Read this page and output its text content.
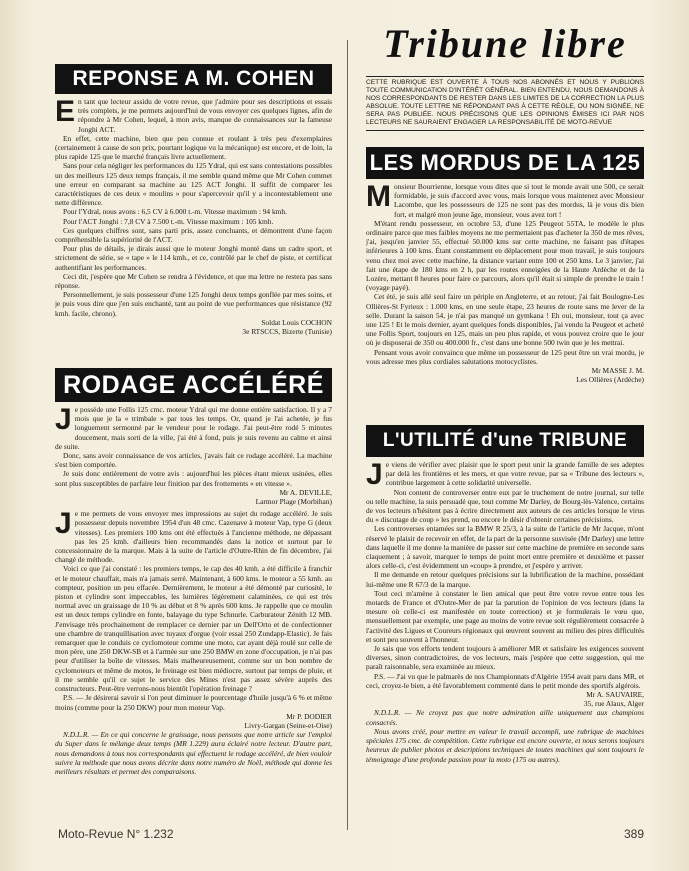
REPONSE A M. COHEN

En tant que lecteur assidu de votre revue, que j'admire pour ses descriptions et essais très complets, je me permets aujourd'hui de vous envoyer ces quelques lignes, afin de répondre à Mr Cohen, lequel, à mon avis, manque de connaissances sur la fameuse Jonghi ACT.

En effet, cette machine, bien que peu connue et roulant à très peu d'exemplaires (certainement à cause de son prix, pourtant logique vu la mécanique) est encore, et de loin, la plus rapide 125 que le marché français livre actuellement.

Sans pour cela négliger les performances du 125 Ydral, qui est sans contestations possibles un des meilleurs 125 deux temps français, il me semble quand même que Mr Cohen commet une erreur en comparant sa machine au 125 ACT Jonghi. Il suffit de comparer les caractéristiques de ces deux « moulins » pour s'apercevoir qu'il y a incontestablement une nette différence.

Pour l'Ydral, nous avons : 6,5 CV à 6.000 t.-m. Vitesse maximum : 94 kmh.

Pour l'ACT Jonghi : 7,8 CV à 7.500 t.-m. Vitesse maximum : 105 kmh.

Ces quelques chiffres sont, sans parti pris, assez concluants, et démontrent d'une façon compréhensible la supériorité de l'ACT.

Pour plus de détails, je dirais aussi que le moteur Jonghi monté dans un cadre sport, et strictement de série, se « tape » le 114 kmh., et ce, contrôlé par le chef de piste, et certificat authentifiant les performances.

Ceci dit, j'espère que Mr Cohen se rendra à l'évidence, et que ma lettre ne restera pas sans réponse.

Personnellement, je suis possesseur d'une 125 Jonghi deux temps gonflée par mes soins, et je puis vous dire que j'en suis enchanté, tant au point de vue performances que résistance (92 kmh. facile, chrono).

Soldat Louis COCHON
3e RTSCCS, Bizerte (Tunisie)
RODAGE ACCÉLÉRÉ

Je possède une Follis 125 cmc. moteur Ydral qui me donne entière satisfaction. Il y a 7 mois que je la « trimbale » par tous les temps. Or, quand je l'ai achetée, je fus longuement sermonné par le vendeur pour le rodage. J'ai peut-être rodé 5 minutes doucement, mais sorti de la ville, j'ai été à fond, puis je suis revenu au calme et ainsi de suite.

Donc, sans avoir connaissance de vos articles, j'avais fait ce rodage accéléré. La machine s'est bien comportée.

Je suis donc entièrement de votre avis : aujourd'hui les pièces étant mieux usinées, elles sont plus susceptibles de parfaire leur finition par des frottements « en vitesse ».

Mr A. DEVILLE,
Larmor Plage (Morbihan)

Je me permets de vous envoyer mes impressions au sujet du rodage accéléré. Je suis possesseur depuis novembre 1954 d'un 48 cmc. Cazenave à moteur Vap, type G (deux vitesses). Les premiers 100 kms ont été effectués à l'ancienne méthode, ne dépassant pas les 25 kmh. d'ailleurs bien recommandés dans la notice et surtout par le concessionnaire de la marque. Mais à la suite de l'article d'Outre-Rhin de fin décembre, j'ai changé de méthode.

Voici ce que j'ai constaté : les premiers temps, le cap des 40 kmh. a été difficile à franchir et le moteur chauffait, mais n'a jamais serré. Maintenant, à 600 kms. le moteur a 55 kmh. au compteur, position un peu effacée. Dernièrement, le moteur a été démonté par curiosité, le piston et cylindre sont impeccables, les lumières légèrement calaminées, ce qui est très normal avec un graissage de 10 % au début et 8 % après 600 kms. Je rappelle que ce moulin est un deux temps cylindre en fonte, balayage du type Schnurle. Carburateur Zénith 12 MB. J'envisage très prochainement de remplacer ce dernier par un Dell'Orto et de confectionner une chambre de tranquillisation avec tuyaux d'orgue (voir essai 250 Zundapp-Elastic). Je fais remarquer que le conduis ce cyclomoteur comme une moto, car ayant déjà roulé sur celle de mon père, une 250 DKW-SB et à l'armée sur une 250 BMW en zone d'occupation, je n'ai pas peur d'utiliser la boîte de vitesses. Mais malheureusement, comme sur un bon nombre de cyclomoteurs et même de motos, le freinage est bien médiocre, surtout par temps de pluie, et il me semble qu'il ce sujet le service des Mines n'est pas assez sévère auprès des constructeurs. Peut-être verrons-nous bientôt l'opération freinage ?

P.S. — Je désirerai savoir si l'on peut diminuer le pourcentage d'huile jusqu'à 6 % et même moins (comme pour la 250 DKW) pour mon moteur Vap.

Mr P. DODIER
Livry-Gargan (Seine-et-Oise)

N.D.L.R. — En ce qui concerne le graissage, nous pensons que notre article sur l'emploi du Super dans le mélange deux temps (MR 1.229) aura éclairé notre lecteur. D'autre part, nous demandons à tous nos correspondants qui effectuent le rodage accéléré, de bien vouloir suivre la méthode que nous avons décrite dans notre numéro de Noël, méthode qui donne les meilleurs résultats et permet des comparaisons.

Tribune libre
CETTE RUBRIQUE EST OUVERTE À TOUS NOS ABONNÉS ET NOUS Y PUBLIONS TOUTE COMMUNICATION D'INTÉRÊT GÉNÉRAL. BIEN ENTENDU, NOUS DEMANDONS À NOS CORRESPONDANTS DE RESTER DANS LES LIMITES DE LA CORRECTION LA PLUS ABSOLUE. TOUTE LETTRE NE RÉPONDANT PAS À CETTE RÈGLE, OU NON SIGNÉE, NE SERA PAS PUBLIÉE. NOUS PRÉCISONS QUE LES OPINIONS ÉMISES ICI PAR NOS LECTEURS NE SAURAIENT ENGAGER LA RESPONSABILITÉ DE MOTO-REVUE
LES MORDUS DE LA 125

Monsieur Bourrienne, lorsque vous dites que si tout le monde avait une 500, ce serait formidable, je suis d'accord avec vous, mais lorsque vous maintenez avec Monsieur Lacombe, que les possesseurs de 125 ne sont pas des mordus, là je vous dis bien fort, et malgré mon jeune âge, monsieur, vous avez tort !

M'étant rendu possesseur, en octobre 53, d'une 125 Peugeot 55TA, le modèle le plus ordinaire parce que mes faibles moyens ne me permettaient pas d'acheter la 350 de mes rêves, j'ai, jusqu'en janvier 55, effectué 50.000 kms sur cette machine, ne faisant pas d'étapes inférieures à 100 kms. Étant constamment en déplacement pour mon travail, je suis toujours venu chez moi avec cette machine, la distance variant entre 100 et 250 kms. Le 3 janvier, j'ai fait une étape de 180 kms en 2 h, par les routes enneigées de la Haute Ardèche et de la Lozère, mettant 8 heures pour faire ce parcours, alors qu'il était si simple de prendre le train ! (voyage payé).

Cet été, je suis allé seul faire un périple en Angleterre, et au retour, j'ai fait Boulogne-Les Ollières-St Fyrieux : 1.000 kms, en une seule étape, 23 heures de route sans me lever de la selle. Durant la saison 54, je n'ai pas manqué un gymkana ! Eh oui, monsieur, tout ça avec une 125 ! Et le mois dernier, ayant quelques fonds disponibles, j'ai vendu la Peugeot et acheté une Follis Sport, toujours en 125, mais un peu plus rapide, et vous pouvez croire que le jour où je disposerai de 350 ou 400.000 fr., c'est dans une bonne 500 twin que je les mettrai.

Pensant vous avoir convaincu que même un possesseur de 125 peut être un vrai mordu, je vous adresse mes plus cordiales salutations motocyclistes.

Mr MASSE J. M.
Les Ollières (Ardèche)
L'UTILITÉ d'une TRIBUNE

Je viens de vérifier avec plaisir que le sport peut unir la grande famille de ses adeptes par delà les frontières et les mers, et que votre revue, par sa « Tribune des lecteurs », contribue largement à cette solidarité universelle.

Non content de controverser entre eux par le truchement de notre journal, sur telle ou telle machine, la suis persuadé que, tout comme Mr Darley, de Bourg-lès-Valence, certains de vos lecteurs n'hésitent pas à écrire directement aux auteurs de ces articles lorsque le virus du « discutage de coup » les prend, ou encore le désir d'obtenir certaines précisions.

Les controverses entamées sur la BMW R 25/3, à la suite de l'article de Mr Jacque, m'ont réservé le plaisir de recevoir en effet, de la part de la personne susvisée (Mr Darley) une lettre dans laquelle il me donne la manière de passer sur cette machine de première en seconde sans claquement ; à savoir, marquer le temps de point mort entre première et deuxième et passer alors celle-ci, c'est évidemment un «coup» à prendre, et j'espère y arriver.

Il me demande en retour quelques précisions sur la lubrification de la machine, possédant lui-même une R 67/3 de la marque.

Tout ceci m'amène à constater le lien amical que peut être votre revue entre tous les motards de France et d'Outre-Mer de par la parution de l'opinion de vos lecteurs (dans la mesure où celle-ci est manifestée en toute correction) et je formulerais le vœu que, mensuellement par exemple, une page au moins de votre revue soit régulièrement consacrée à l'activité des Ligues et Coureurs régionaux qui œuvrent souvent au milieu des pires difficultés et sont peu souvent à l'honneur.

Je sais que vos efforts tendent toujours à améliorer MR et satisfaire les exigences souvent diverses, sinon contradictoires, de vos lecteurs, mais j'espère que cette suggestion, qui me paraît raisonnable, sera examinée au mieux.

P.S. — J'ai vu que le palmarès de nos Championnats d'Algérie 1954 avait paru dans MR, et ceci, croyez-le bien, a été favorablement commenté dans le petit monde des sportifs algérois.

Mr A. SAUVAIRE,
35, rue Alaux, Alger

N.D.L.R. — Ne croyez pas que notre admiration aille uniquement aux champions consacrés.

Nous avons créé, pour mettre en valeur le travail accompli, une rubrique de machines spéciales 175 cmc. de compétition. Cette rubrique est encore ouverte, et nous serons toujours heureux de publier photos et descriptions techniques de toutes machines qui sont toujours le témoignage d'une profonde passion pour la moto (175 ou autres).

Moto-Revue N° 1.232	389
